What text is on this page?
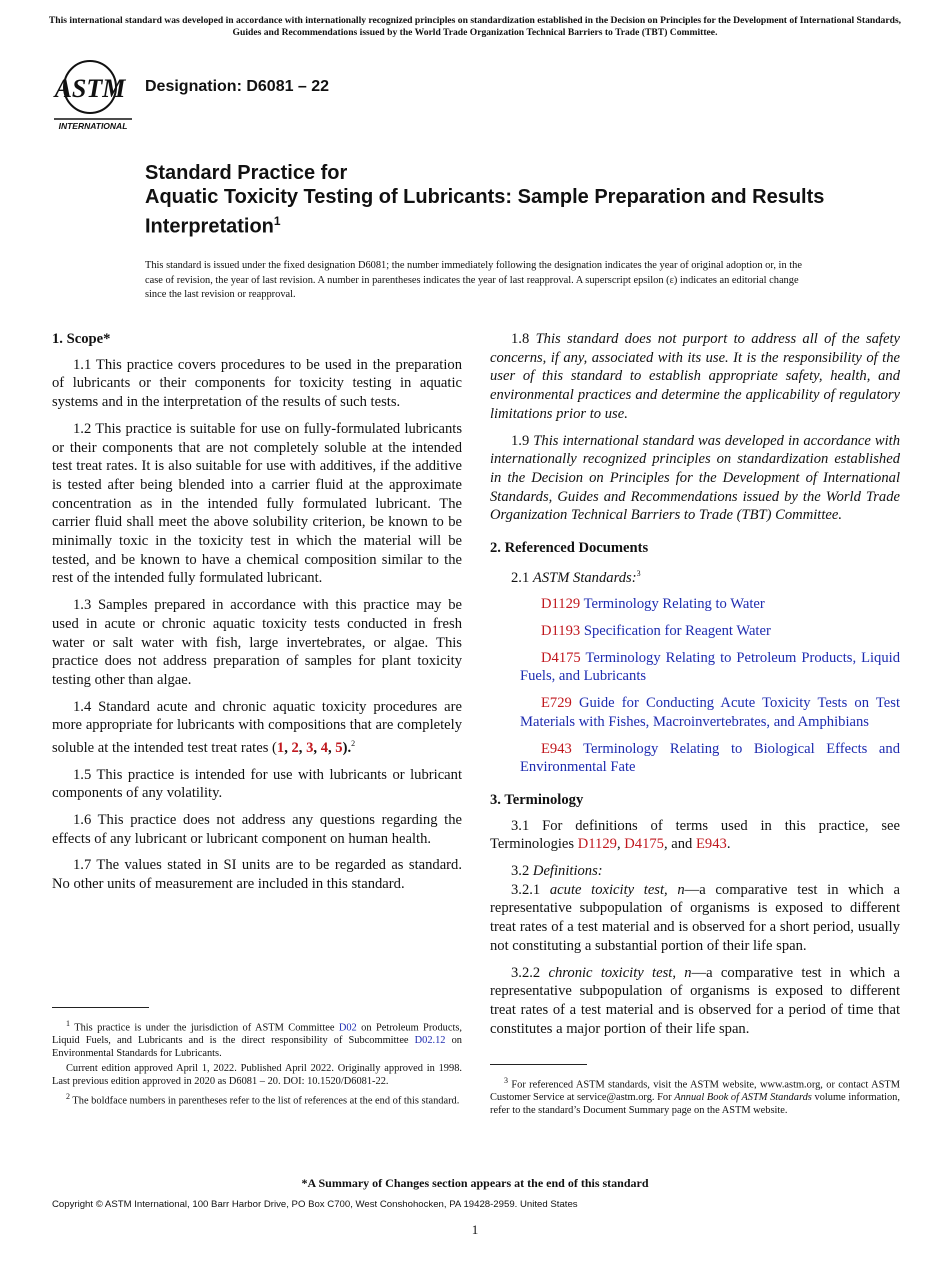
This international standard was developed in accordance with internationally recognized principles on standardization established in the Decision on Principles for the Development of International Standards, Guides and Recommendations issued by the World Trade Organization Technical Barriers to Trade (TBT) Committee.
ASTM
INTERNATIONAL
Designation: D6081 – 22
Standard Practice for
Aquatic Toxicity Testing of Lubricants: Sample Preparation and Results Interpretation$^1$
This standard is issued under the fixed designation D6081; the number immediately following the designation indicates the year of original adoption or, in the case of revision, the year of last revision. A number in parentheses indicates the year of last reapproval. A superscript epsilon (ε) indicates an editorial change since the last revision or reapproval.
1. Scope*

1.1 This practice covers procedures to be used in the preparation of lubricants or their components for toxicity testing in aquatic systems and in the interpretation of the results of such tests.

1.2 This practice is suitable for use on fully-formulated lubricants or their components that are not completely soluble at the intended test treat rates. It is also suitable for use with additives, if the additive is tested after being blended into a carrier fluid at the approximate concentration as in the intended fully formulated lubricant. The carrier fluid shall meet the above solubility criterion, be known to be minimally toxic in the toxicity test in which the material will be tested, and be known to have a chemical composition similar to the rest of the intended fully formulated lubricant.

1.3 Samples prepared in accordance with this practice may be used in acute or chronic aquatic toxicity tests conducted in fresh water or salt water with fish, large invertebrates, or algae. This practice does not address preparation of samples for plant toxicity testing other than algae.

1.4 Standard acute and chronic aquatic toxicity procedures are more appropriate for lubricants with compositions that are completely soluble at the intended test treat rates (1, 2, 3, 4, 5).$^2$

1.5 This practice is intended for use with lubricants or lubricant components of any volatility.

1.6 This practice does not address any questions regarding the effects of any lubricant or lubricant component on human health.

1.7 The values stated in SI units are to be regarded as standard. No other units of measurement are included in this standard.

1.8 This standard does not purport to address all of the safety concerns, if any, associated with its use. It is the responsibility of the user of this standard to establish appropriate safety, health, and environmental practices and determine the applicability of regulatory limitations prior to use.

1.9 This international standard was developed in accordance with internationally recognized principles on standardization established in the Decision on Principles for the Development of International Standards, Guides and Recommendations issued by the World Trade Organization Technical Barriers to Trade (TBT) Committee.

2. Referenced Documents

2.1 ASTM Standards:$^3$

D1129 Terminology Relating to Water

D1193 Specification for Reagent Water

D4175 Terminology Relating to Petroleum Products, Liquid Fuels, and Lubricants

E729 Guide for Conducting Acute Toxicity Tests on Test Materials with Fishes, Macroinvertebrates, and Amphibians

E943 Terminology Relating to Biological Effects and Environmental Fate

3. Terminology

3.1 For definitions of terms used in this practice, see Terminologies D1129, D4175, and E943.

3.2 Definitions:

3.2.1 acute toxicity test, n—a comparative test in which a representative subpopulation of organisms is exposed to different treat rates of a test material and is observed for a short period, usually not constituting a substantial portion of their life span.

3.2.2 chronic toxicity test, n—a comparative test in which a representative subpopulation of organisms is exposed to different treat rates of a test material and is observed for a period of time that constitutes a major portion of their life span.

$^1$ This practice is under the jurisdiction of ASTM Committee D02 on Petroleum Products, Liquid Fuels, and Lubricants and is the direct responsibility of Subcommittee D02.12 on Environmental Standards for Lubricants.

Current edition approved April 1, 2022. Published April 2022. Originally approved in 1998. Last previous edition approved in 2020 as D6081 – 20. DOI: 10.1520/D6081-22.

$^2$ The boldface numbers in parentheses refer to the list of references at the end of this standard.

$^3$ For referenced ASTM standards, visit the ASTM website, www.astm.org, or contact ASTM Customer Service at service@astm.org. For Annual Book of ASTM Standards volume information, refer to the standard’s Document Summary page on the ASTM website.

*A Summary of Changes section appears at the end of this standard
Copyright © ASTM International, 100 Barr Harbor Drive, PO Box C700, West Conshohocken, PA 19428-2959. United States
1
